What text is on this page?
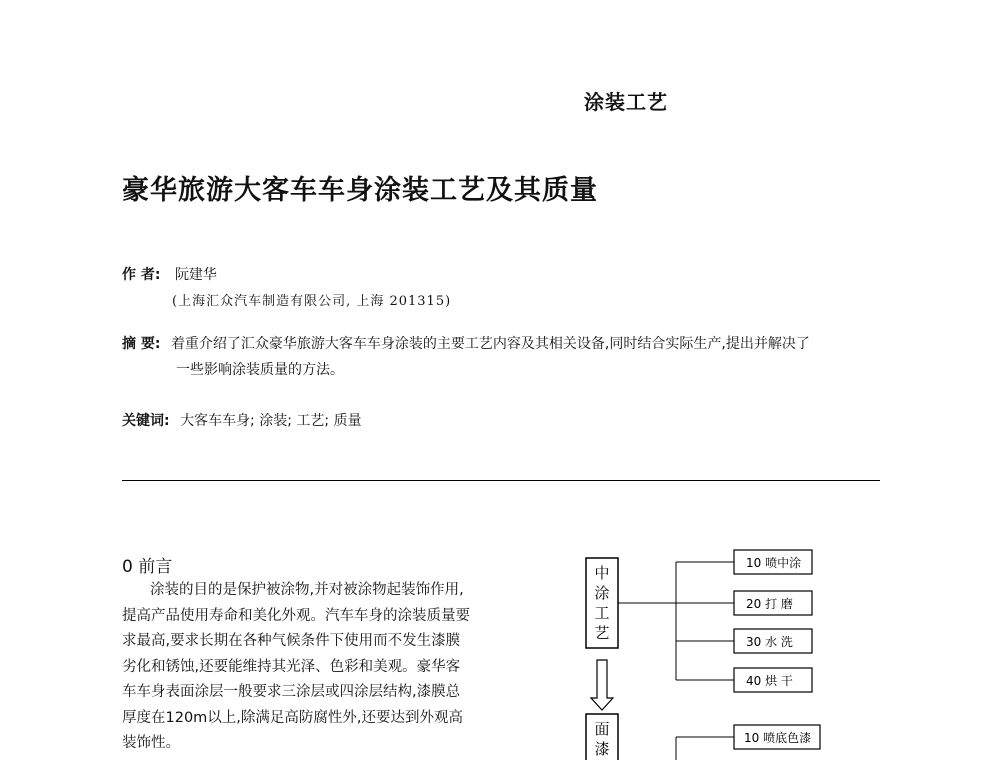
涂装工艺
豪华旅游大客车车身涂装工艺及其质量
作 者: 阮建华
(上海汇众汽车制造有限公司, 上海 201315)
摘 要: 着重介绍了汇众豪华旅游大客车车身涂装的主要工艺内容及其相关设备,同时结合实际生产,提出并解决了
一些影响涂装质量的方法。
关键词: 大客车车身; 涂装; 工艺; 质量
0 前言
涂装的目的是保护被涂物,并对被涂物起装饰作用,
提高产品使用寿命和美化外观。汽车车身的涂装质量要
求最高,要求长期在各种气候条件下使用而不发生漆膜
劣化和锈蚀,还要能维持其光泽、色彩和美观。豪华客
车车身表面涂层一般要求三涂层或四涂层结构,漆膜总
厚度在120m以上,除满足高防腐性外,还要达到外观高
装饰性。
中
涂
工
艺
10 喷中涂
20 打 磨
30 水 洗
40 烘 干
面
漆
10 喷底色漆
